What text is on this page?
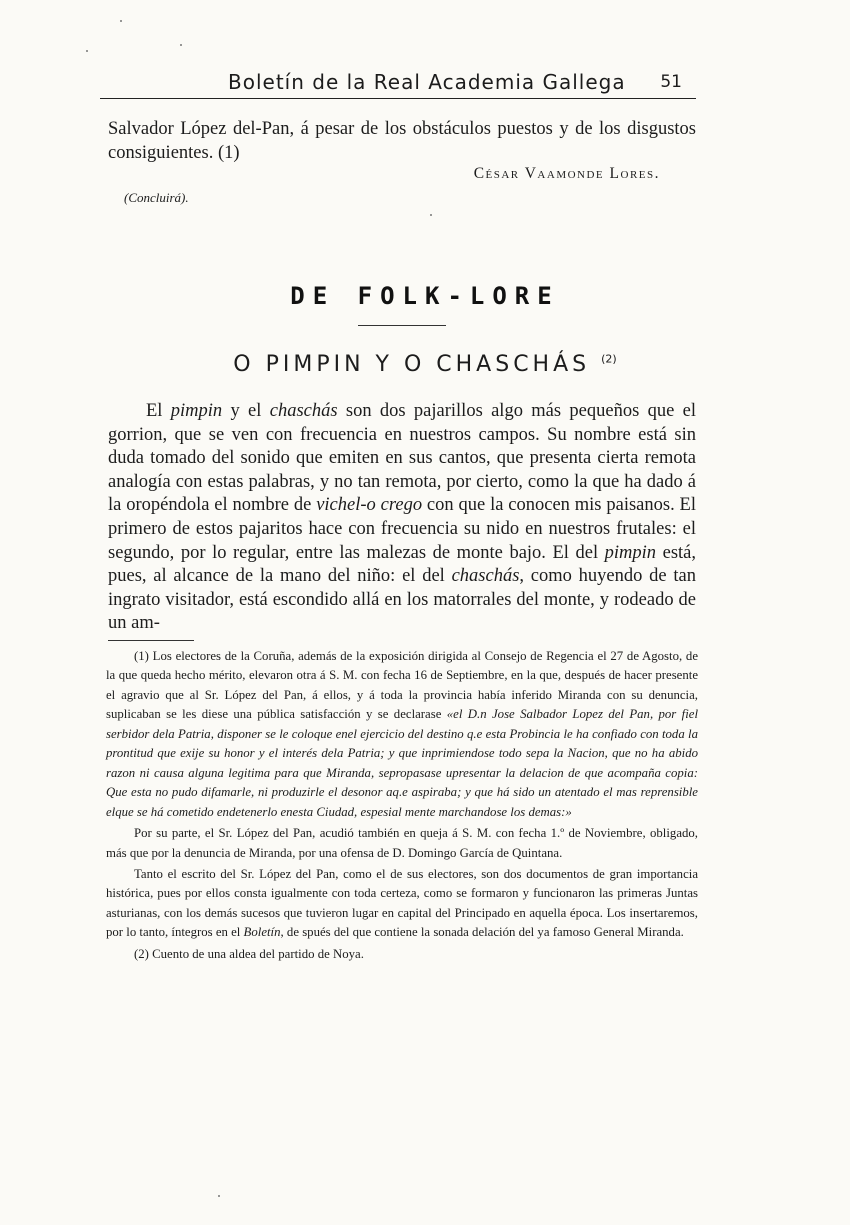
Boletín de la Real Academia Gallega 51
Salvador López del-Pan, á pesar de los obstáculos puestos y de los disgustos consiguientes. (1)
César Vaamonde Lores.
(Concluirá).
DE FOLK-LORE
O PIMPIN Y O CHASCHÁS $^{(2)}$

El pimpin y el chaschás son dos pajarillos algo más pequeños que el gorrion, que se ven con frecuencia en nuestros campos. Su nombre está sin duda tomado del sonido que emiten en sus cantos, que presenta cierta remota analogía con estas palabras, y no tan remota, por cierto, como la que ha dado á la oropéndola el nombre de vichel-o crego con que la conocen mis paisanos. El primero de estos pajaritos hace con frecuencia su nido en nuestros frutales: el segundo, por lo regular, entre las malezas de monte bajo. El del pimpin está, pues, al alcance de la mano del niño: el del chaschás, como huyendo de tan ingrato visitador, está escondido allá en los matorrales del monte, y rodeado de un am-

(1) Los electores de la Coruña, además de la exposición dirigida al Consejo de Regencia el 27 de Agosto, de la que queda hecho mérito, elevaron otra á S. M. con fecha 16 de Septiembre, en la que, después de hacer presente el agravio que al Sr. López del Pan, á ellos, y á toda la provincia había inferido Miranda con su denuncia, suplicaban se les diese una pública satisfacción y se declarase «el D.n Jose Salbador Lopez del Pan, por fiel serbidor dela Patria, disponer se le coloque enel ejercicio del destino q.e esta Probincia le ha confiado con toda la prontitud que exije su honor y el interés dela Patria; y que inprimiendose todo sepa la Nacion, que no ha abido razon ni causa alguna legitima para que Miranda, sepropasase upresentar la delacion de que acompaña copia: Que esta no pudo difamarle, ni produzirle el desonor aq.e aspiraba; y que há sido un atentado el mas reprensible elque se há cometido endetenerlo enesta Ciudad, espesial mente marchandose los demas:»

Por su parte, el Sr. López del Pan, acudió también en queja á S. M. con fecha 1.º de Noviembre, obligado, más que por la denuncia de Miranda, por una ofensa de D. Domingo García de Quintana.

Tanto el escrito del Sr. López del Pan, como el de sus electores, son dos documentos de gran importancia histórica, pues por ellos consta igualmente con toda certeza, como se formaron y funcionaron las primeras Juntas asturianas, con los demás sucesos que tuvieron lugar en capital del Principado en aquella época. Los insertaremos, por lo tanto, íntegros en el Boletín, de spués del que contiene la sonada delación del ya famoso General Miranda.

(2) Cuento de una aldea del partido de Noya.
